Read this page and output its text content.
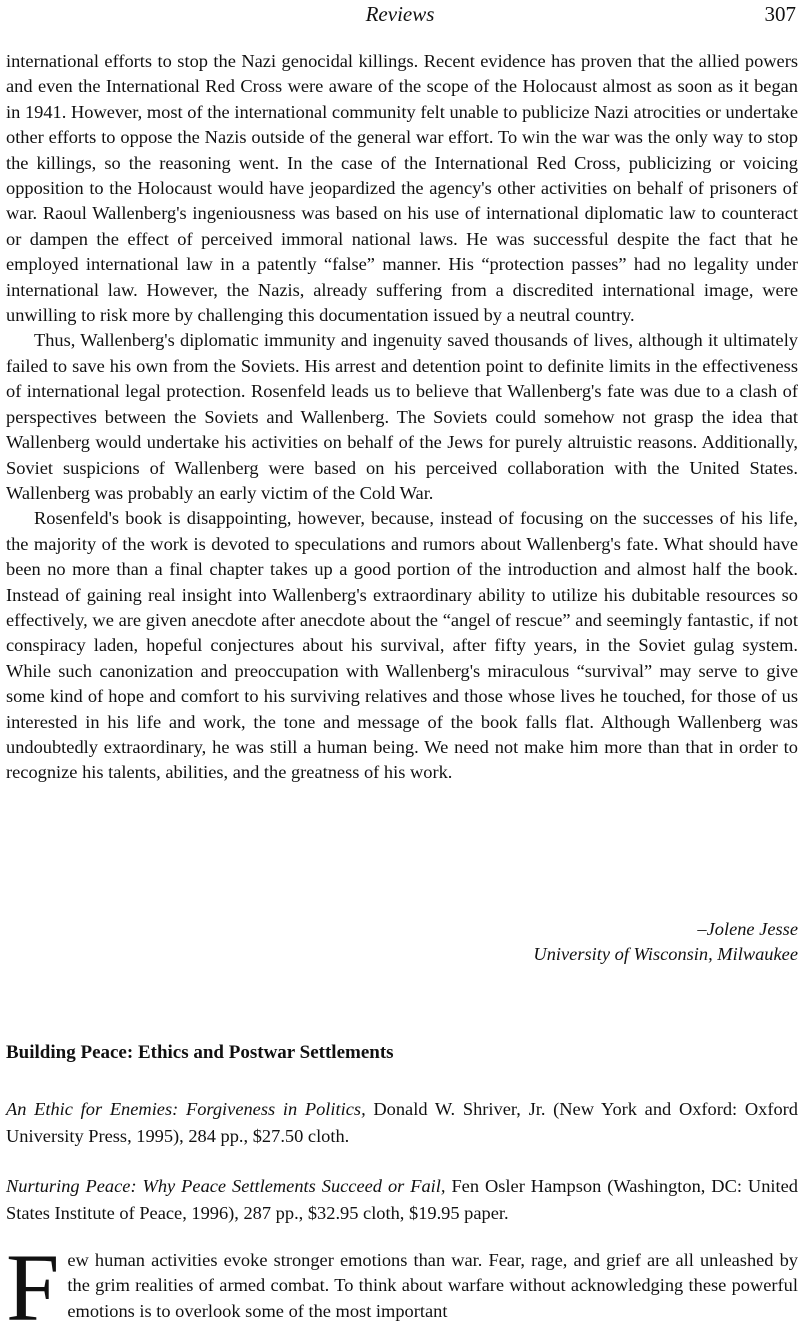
Reviews	307

international efforts to stop the Nazi genocidal killings. Recent evidence has proven that the allied powers and even the International Red Cross were aware of the scope of the Holocaust almost as soon as it began in 1941. However, most of the international community felt unable to publicize Nazi atrocities or undertake other efforts to oppose the Nazis outside of the general war effort. To win the war was the only way to stop the killings, so the reasoning went. In the case of the International Red Cross, publicizing or voicing opposition to the Holocaust would have jeopardized the agency's other activities on behalf of prisoners of war. Raoul Wallenberg's ingeniousness was based on his use of international diplomatic law to counteract or dampen the effect of perceived immoral national laws. He was successful despite the fact that he employed international law in a patently “false” manner. His “protection passes” had no legality under international law. However, the Nazis, already suffering from a discredited international image, were unwilling to risk more by challenging this documentation issued by a neutral country.

Thus, Wallenberg's diplomatic immunity and ingenuity saved thousands of lives, although it ultimately failed to save his own from the Soviets. His arrest and detention point to definite limits in the effectiveness of international legal protection. Rosenfeld leads us to believe that Wallenberg's fate was due to a clash of perspectives between the Soviets and Wallenberg. The Soviets could somehow not grasp the idea that Wallenberg would undertake his activities on behalf of the Jews for purely altruistic reasons. Additionally, Soviet suspicions of Wallenberg were based on his perceived collaboration with the United States. Wallenberg was probably an early victim of the Cold War.

Rosenfeld's book is disappointing, however, because, instead of focusing on the successes of his life, the majority of the work is devoted to speculations and rumors about Wallenberg's fate. What should have been no more than a final chapter takes up a good portion of the introduction and almost half the book. Instead of gaining real insight into Wallenberg's extraordinary ability to utilize his dubitable resources so effectively, we are given anecdote after anecdote about the “angel of rescue” and seemingly fantastic, if not conspiracy laden, hopeful conjectures about his survival, after fifty years, in the Soviet gulag system. While such canonization and preoccupation with Wallenberg's miraculous “survival” may serve to give some kind of hope and comfort to his surviving relatives and those whose lives he touched, for those of us interested in his life and work, the tone and message of the book falls flat. Although Wallenberg was undoubtedly extraordinary, he was still a human being. We need not make him more than that in order to recognize his talents, abilities, and the greatness of his work.

–Jolene Jesse
University of Wisconsin, Milwaukee
Building Peace: Ethics and Postwar Settlements
An Ethic for Enemies: Forgiveness in Politics, Donald W. Shriver, Jr. (New York and Oxford: Oxford University Press, 1995), 284 pp., $27.50 cloth.
Nurturing Peace: Why Peace Settlements Succeed or Fail, Fen Osler Hampson (Washington, DC: United States Institute of Peace, 1996), 287 pp., $32.95 cloth, $19.95 paper.
F ew human activities evoke stronger emotions than war. Fear, rage, and grief are all unleashed by the grim realities of armed combat. To think about warfare without acknowledging these powerful emotions is to overlook some of the most important
